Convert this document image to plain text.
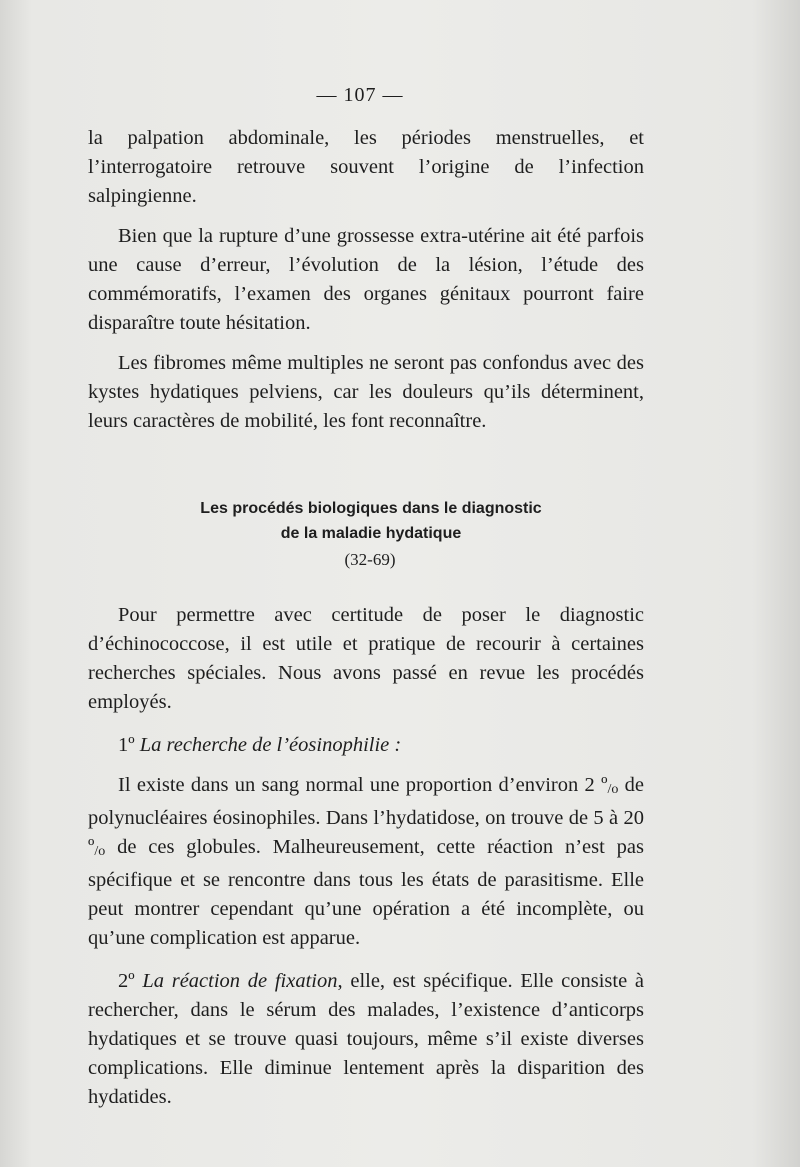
— 107 —

la palpation abdominale, les périodes menstruelles, et l’interrogatoire retrouve souvent l’origine de l’infection salpingienne.

Bien que la rupture d’une grossesse extra-utérine ait été parfois une cause d’erreur, l’évolution de la lésion, l’étude des commémoratifs, l’examen des organes génitaux pourront faire disparaître toute hésitation.

Les fibromes même multiples ne seront pas confondus avec des kystes hydatiques pelviens, car les douleurs qu’ils déterminent, leurs caractères de mobilité, les font reconnaître.

Les procédés biologiques dans le diagnostic
de la maladie hydatique
(32-69)

Pour permettre avec certitude de poser le diagnostic d’échinococcose, il est utile et pratique de recourir à certaines recherches spéciales. Nous avons passé en revue les procédés employés.

1º La recherche de l’éosinophilie :

Il existe dans un sang normal une proportion d’environ 2 º$_{/o}$ de polynucléaires éosinophiles. Dans l’hydatidose, on trouve de 5 à 20 º$_{/o}$ de ces globules. Malheureusement, cette réaction n’est pas spécifique et se rencontre dans tous les états de parasitisme. Elle peut montrer cependant qu’une opération a été incomplète, ou qu’une complication est apparue.

2º La réaction de fixation, elle, est spécifique. Elle consiste à rechercher, dans le sérum des malades, l’existence d’anticorps hydatiques et se trouve quasi toujours, même s’il existe diverses complications. Elle diminue lentement après la disparition des hydatides.
